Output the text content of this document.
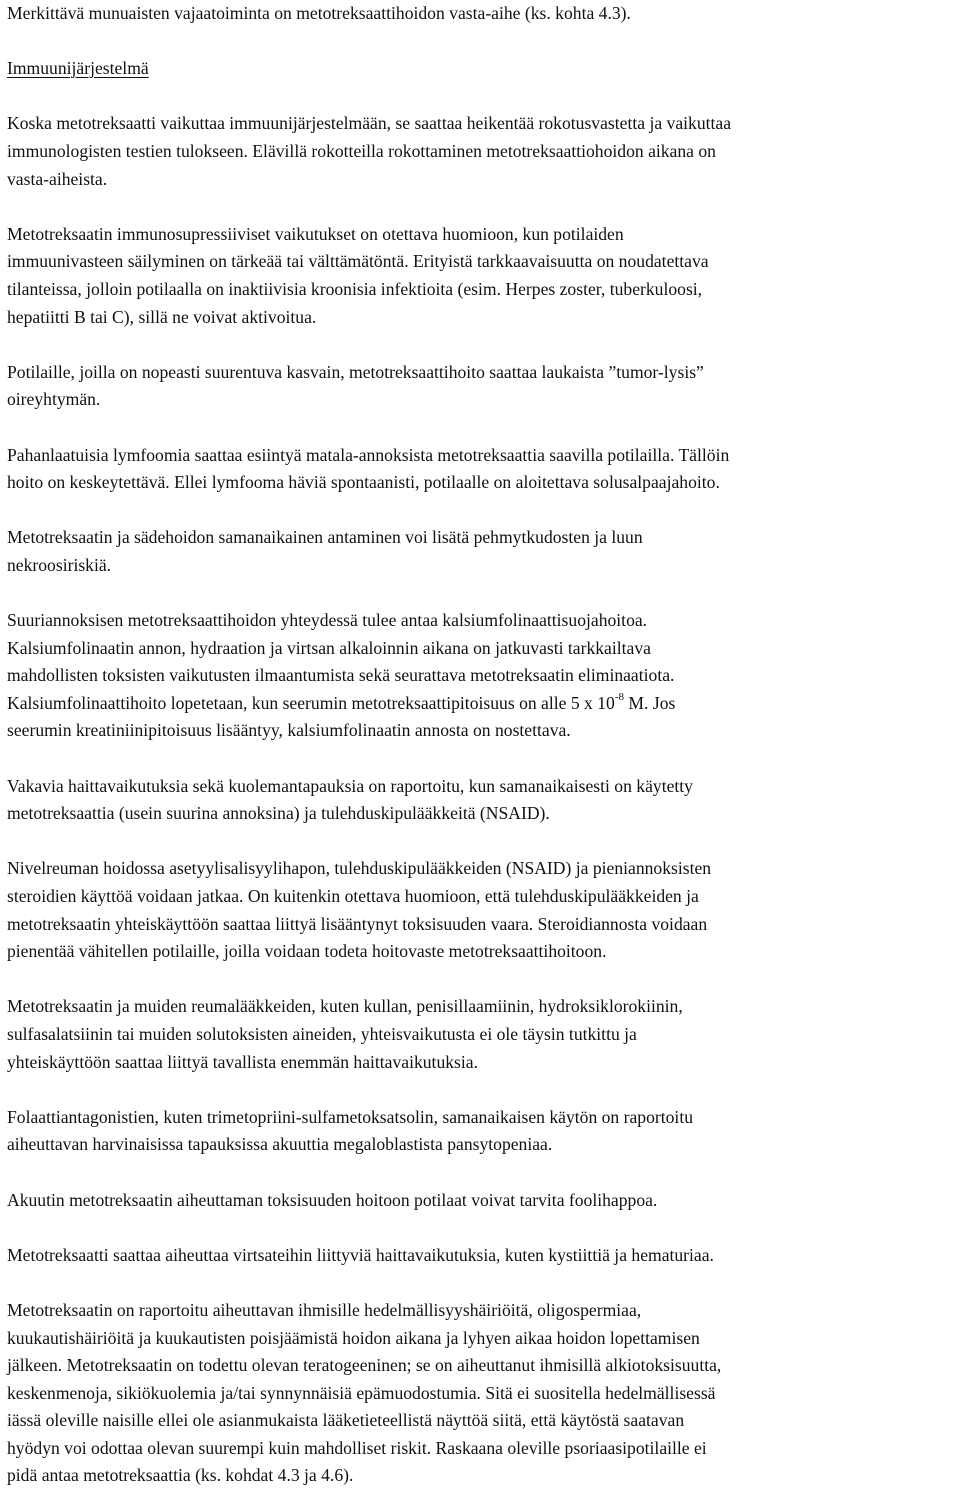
Merkittävä munuaisten vajaatoiminta on metotreksaattihoidon vasta-aihe (ks. kohta 4.3).
Immuunijärjestelmä

Koska metotreksaatti vaikuttaa immuunijärjestelmään, se saattaa heikentää rokotusvastetta ja vaikuttaa
immunologisten testien tulokseen. Elävillä rokotteilla rokottaminen metotreksaattiohoidon aikana on
vasta-aiheista.

Metotreksaatin immunosupressiiviset vaikutukset on otettava huomioon, kun potilaiden
immuunivasteen säilyminen on tärkeää tai välttämätöntä. Erityistä tarkkaavaisuutta on noudatettava
tilanteissa, jolloin potilaalla on inaktiivisia kroonisia infektioita (esim. Herpes zoster, tuberkuloosi,
hepatiitti B tai C), sillä ne voivat aktivoitua.

Potilaille, joilla on nopeasti suurentuva kasvain, metotreksaattihoito saattaa laukaista ”tumor-lysis”
oireyhtymän.

Pahanlaatuisia lymfoomia saattaa esiintyä matala-annoksista metotreksaattia saavilla potilailla. Tällöin
hoito on keskeytettävä. Ellei lymfooma häviä spontaanisti, potilaalle on aloitettava solusalpaajahoito.

Metotreksaatin ja sädehoidon samanaikainen antaminen voi lisätä pehmytkudosten ja luun
nekroosiriskiä.

Suuriannoksisen metotreksaattihoidon yhteydessä tulee antaa kalsiumfolinaattisuojahoitoa.
Kalsiumfolinaatin annon, hydraation ja virtsan alkaloinnin aikana on jatkuvasti tarkkailtava
mahdollisten toksisten vaikutusten ilmaantumista sekä seurattava metotreksaatin eliminaatiota.
Kalsiumfolinaattihoito lopetetaan, kun seerumin metotreksaattipitoisuus on alle 5 x $10^{-8}$ M. Jos
seerumin kreatiniinipitoisuus lisääntyy, kalsiumfolinaatin annosta on nostettava.

Vakavia haittavaikutuksia sekä kuolemantapauksia on raportoitu, kun samanaikaisesti on käytetty
metotreksaattia (usein suurina annoksina) ja tulehduskipulääkkeitä (NSAID).

Nivelreuman hoidossa asetyylisalisyylihapon, tulehduskipulääkkeiden (NSAID) ja pieniannoksisten
steroidien käyttöä voidaan jatkaa. On kuitenkin otettava huomioon, että tulehduskipulääkkeiden ja
metotreksaatin yhteiskäyttöön saattaa liittyä lisääntynyt toksisuuden vaara. Steroidiannosta voidaan
pienentää vähitellen potilaille, joilla voidaan todeta hoitovaste metotreksaattihoitoon.

Metotreksaatin ja muiden reumalääkkeiden, kuten kullan, penisillaamiinin, hydroksiklorokiinin,
sulfasalatsiinin tai muiden solutoksisten aineiden, yhteisvaikutusta ei ole täysin tutkittu ja
yhteiskäyttöön saattaa liittyä tavallista enemmän haittavaikutuksia.

Folaattiantagonistien, kuten trimetopriini-sulfametoksatsolin, samanaikaisen käytön on raportoitu
aiheuttavan harvinaisissa tapauksissa akuuttia megaloblastista pansytopeniaa.

Akuutin metotreksaatin aiheuttaman toksisuuden hoitoon potilaat voivat tarvita foolihappoa.

Metotreksaatti saattaa aiheuttaa virtsateihin liittyviä haittavaikutuksia, kuten kystiittiä ja hematuriaa.

Metotreksaatin on raportoitu aiheuttavan ihmisille hedelmällisyyshäiriöitä, oligospermiaa,
kuukautishäiriöitä ja kuukautisten poisjäämistä hoidon aikana ja lyhyen aikaa hoidon lopettamisen
jälkeen. Metotreksaatin on todettu olevan teratogeeninen; se on aiheuttanut ihmisillä alkiotoksisuutta,
keskenmenoja, sikiökuolemia ja/tai synnynnäisiä epämuodostumia. Sitä ei suositella hedelmällisessä
iässä oleville naisille ellei ole asianmukaista lääketieteellistä näyttöä siitä, että käytöstä saatavan
hyödyn voi odottaa olevan suurempi kuin mahdolliset riskit. Raskaana oleville psoriaasipotilaille ei
pidä antaa metotreksaattia (ks. kohdat 4.3 ja 4.6).
